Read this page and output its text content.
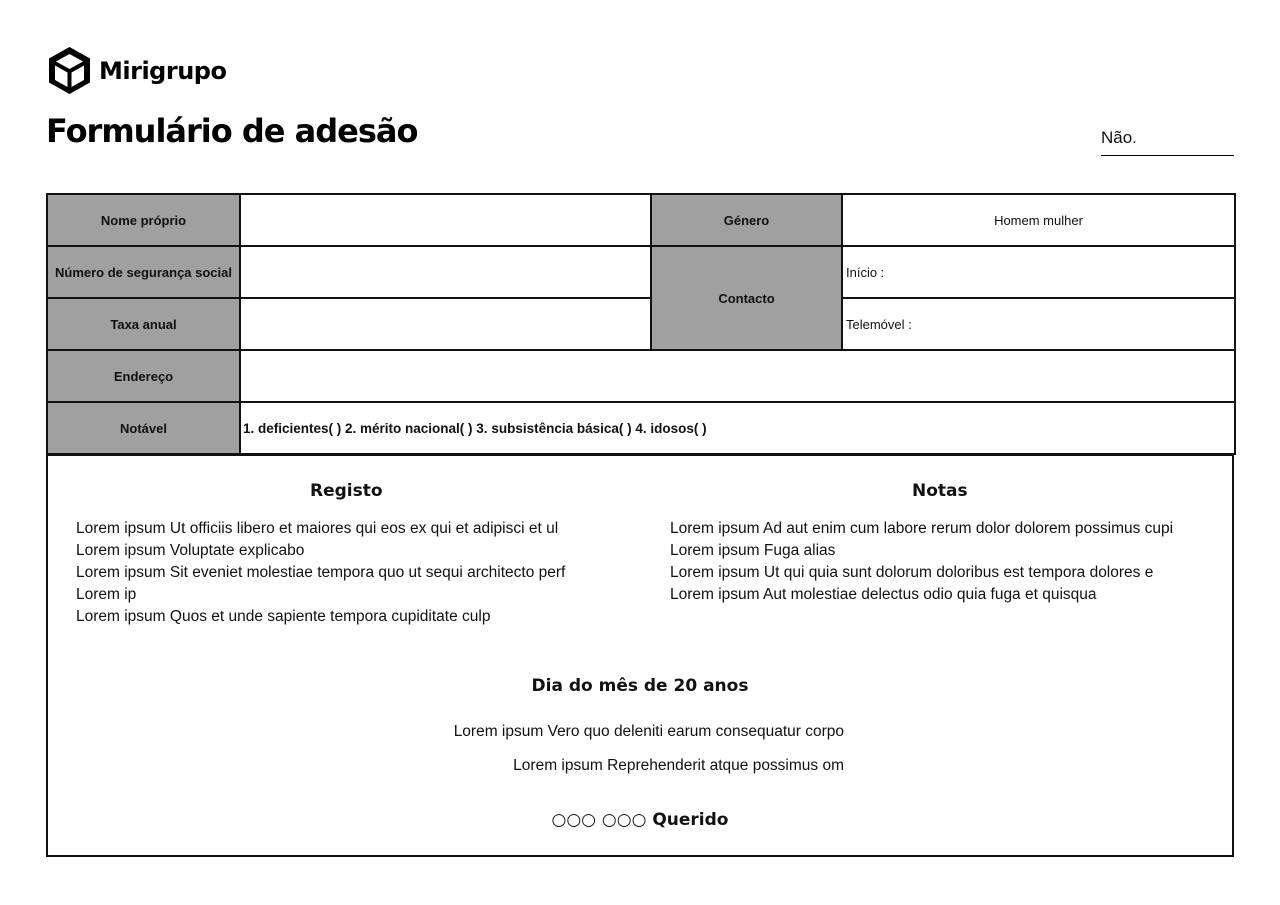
Mirigrupo
Formulário de adesão	Não.
Nome próprio		Género	Homem mulher
Número de segurança social		Contacto	Início :
Taxa anual			Telemóvel :
Endereço			
Notável	1. deficientes( ) 2. mérito nacional( ) 3. subsistência básica( ) 4. idosos( )		
Registo
Lorem ipsum Ut officiis libero et maiores qui eos ex qui et adipisci et ul
Lorem ipsum Voluptate explicabo
Lorem ipsum Sit eveniet molestiae tempora quo ut sequi architecto perf
Lorem ip
Lorem ipsum Quos et unde sapiente tempora cupiditate culp
Notas
Lorem ipsum Ad aut enim cum labore rerum dolor dolorem possimus cupi
Lorem ipsum Fuga alias
Lorem ipsum Ut qui quia sunt dolorum doloribus est tempora dolores e
Lorem ipsum Aut molestiae delectus odio quia fuga et quisqua
Dia do mês de 20 anos
Lorem ipsum Vero quo deleniti earum consequatur corpo
Lorem ipsum Reprehenderit atque possimus om
○○○ ○○○ Querido
